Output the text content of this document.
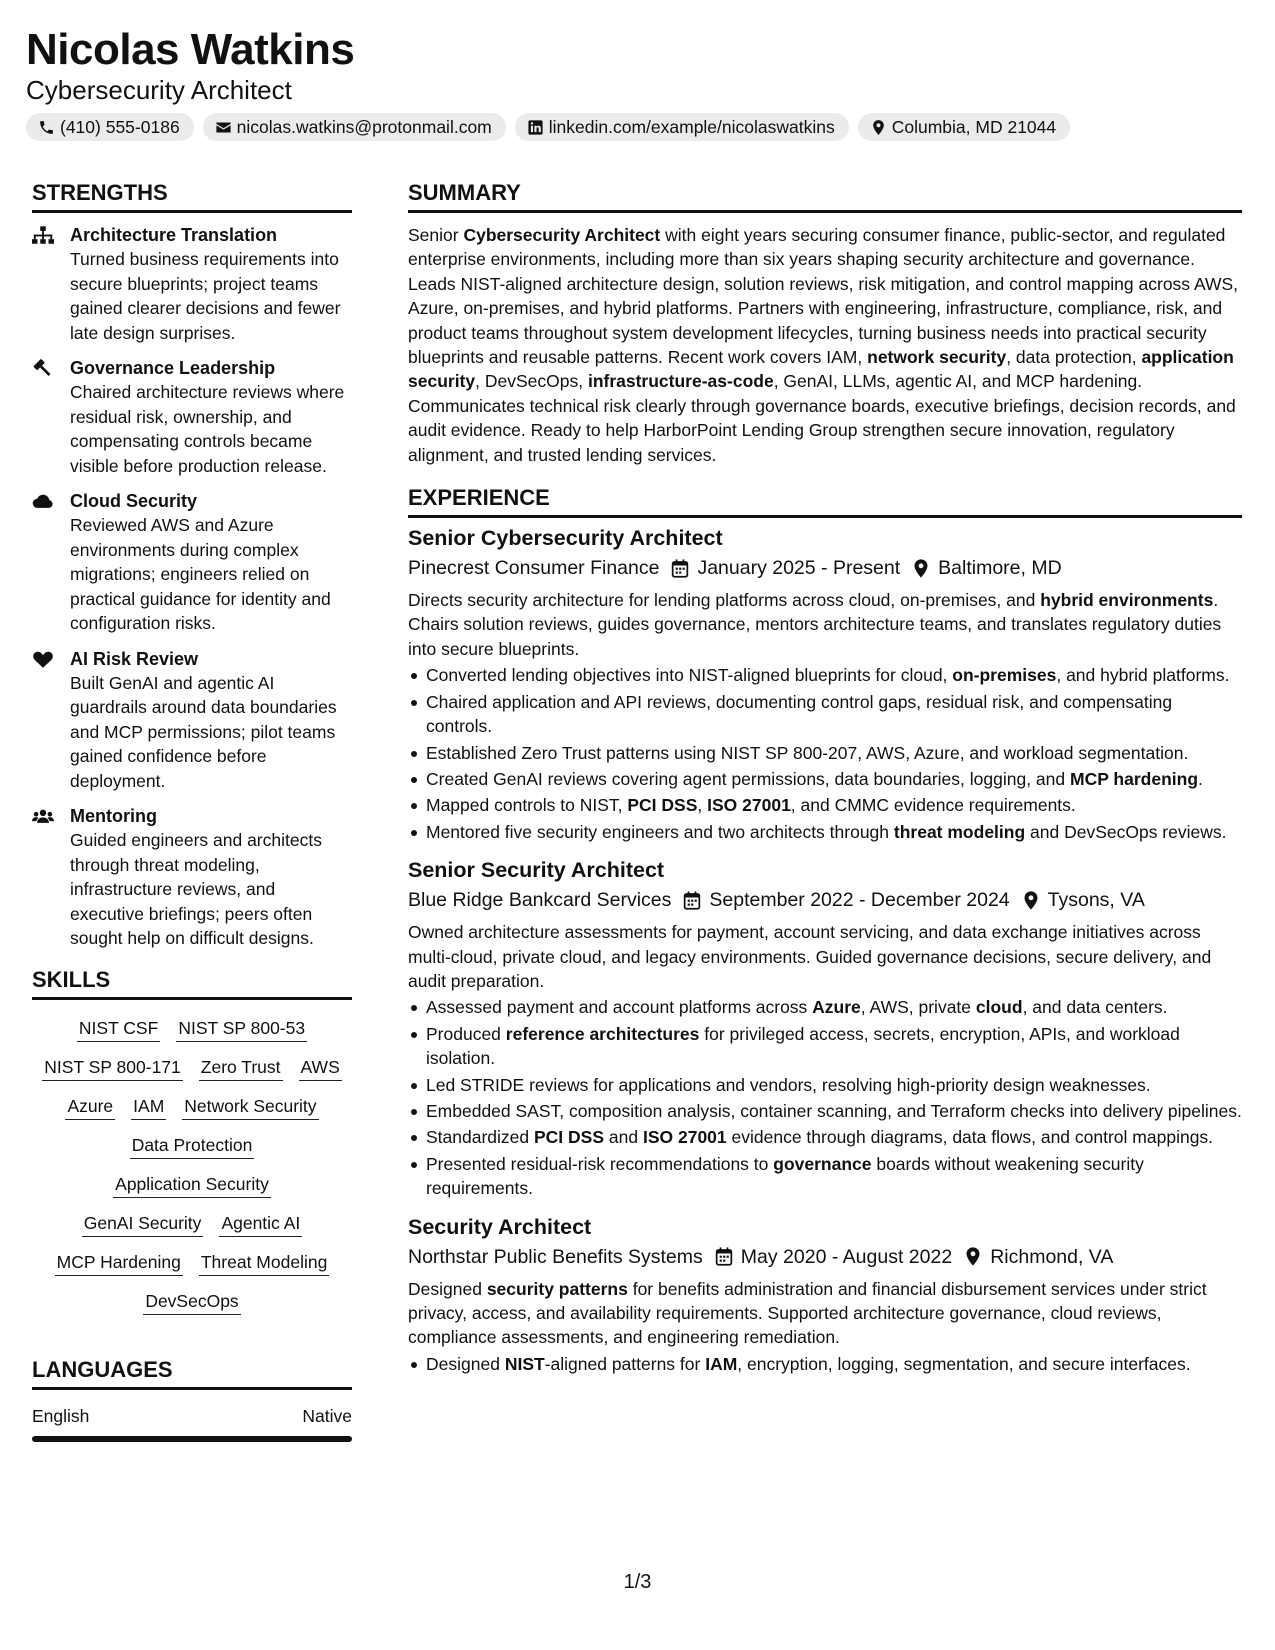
Nicolas Watkins
Cybersecurity Architect
(410) 555-0186	nicolas.watkins@protonmail.com	linkedin.com/example/nicolaswatkins	Columbia, MD 21044
STRENGTHS
Architecture Translation
Turned business requirements into secure blueprints; project teams gained clearer decisions and fewer late design surprises.
Governance Leadership
Chaired architecture reviews where residual risk, ownership, and compensating controls became visible before production release.
Cloud Security
Reviewed AWS and Azure environments during complex migrations; engineers relied on practical guidance for identity and configuration risks.
AI Risk Review
Built GenAI and agentic AI guardrails around data boundaries and MCP permissions; pilot teams gained confidence before deployment.
Mentoring
Guided engineers and architects through threat modeling, infrastructure reviews, and executive briefings; peers often sought help on difficult designs.
SKILLS
NIST CSF NIST SP 800-53
NIST SP 800-171 Zero Trust AWS
Azure IAM Network Security
Data Protection
Application Security
GenAI Security Agentic AI
MCP Hardening Threat Modeling
DevSecOps
LANGUAGES
English	Native
SUMMARY
Senior Cybersecurity Architect with eight years securing consumer finance, public-sector, and regulated enterprise environments, including more than six years shaping security architecture and governance. Leads NIST-aligned architecture design, solution reviews, risk mitigation, and control mapping across AWS, Azure, on-premises, and hybrid platforms. Partners with engineering, infrastructure, compliance, risk, and product teams throughout system development lifecycles, turning business needs into practical security blueprints and reusable patterns. Recent work covers IAM, network security, data protection, application security, DevSecOps, infrastructure-as-code, GenAI, LLMs, agentic AI, and MCP hardening. Communicates technical risk clearly through governance boards, executive briefings, decision records, and audit evidence. Ready to help HarborPoint Lending Group strengthen secure innovation, regulatory alignment, and trusted lending services.
EXPERIENCE
Senior Cybersecurity Architect
Pinecrest Consumer Finance January 2025 - Present Baltimore, MD
Directs security architecture for lending platforms across cloud, on-premises, and hybrid environments. Chairs solution reviews, guides governance, mentors architecture teams, and translates regulatory duties into secure blueprints.
Converted lending objectives into NIST-aligned blueprints for cloud, on-premises, and hybrid platforms.
Chaired application and API reviews, documenting control gaps, residual risk, and compensating controls.
Established Zero Trust patterns using NIST SP 800-207, AWS, Azure, and workload segmentation.
Created GenAI reviews covering agent permissions, data boundaries, logging, and MCP hardening.
Mapped controls to NIST, PCI DSS, ISO 27001, and CMMC evidence requirements.
Mentored five security engineers and two architects through threat modeling and DevSecOps reviews.
Senior Security Architect
Blue Ridge Bankcard Services September 2022 - December 2024 Tysons, VA
Owned architecture assessments for payment, account servicing, and data exchange initiatives across multi-cloud, private cloud, and legacy environments. Guided governance decisions, secure delivery, and audit preparation.
Assessed payment and account platforms across Azure, AWS, private cloud, and data centers.
Produced reference architectures for privileged access, secrets, encryption, APIs, and workload isolation.
Led STRIDE reviews for applications and vendors, resolving high-priority design weaknesses.
Embedded SAST, composition analysis, container scanning, and Terraform checks into delivery pipelines.
Standardized PCI DSS and ISO 27001 evidence through diagrams, data flows, and control mappings.
Presented residual-risk recommendations to governance boards without weakening security requirements.
Security Architect
Northstar Public Benefits Systems May 2020 - August 2022 Richmond, VA
Designed security patterns for benefits administration and financial disbursement services under strict privacy, access, and availability requirements. Supported architecture governance, cloud reviews, compliance assessments, and engineering remediation.
Designed NIST-aligned patterns for IAM, encryption, logging, segmentation, and secure interfaces.
1/3
